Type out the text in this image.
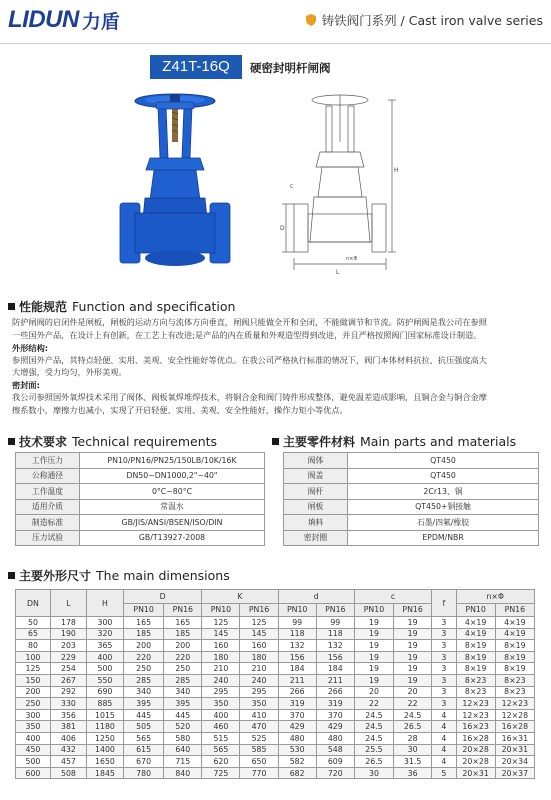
LIDUN 力盾	铸铁阀门系列 / Cast iron valve series
Z41T-16Q	硬密封明杆闸阀
H
D
L
C
n×Φ
性能规范 Function and specification
防护闸阀的启闭件是闸板，闸板的运动方向与流体方向垂直，闸阀只能做全开和全闭，不能做调节和节流。防护闸阀是我公司在参照
一些国外产品，在设计上有创新，在工艺上有改进;是产品的内在质量和外观造型得到改进，并且严格按照阀门国家标准设计制造。
外形结构:
参照国外产品，其特点轻便、实用、美观、安全性能好等优点。在我公司严格执行标准的情况下，阀门本体材料抗拉、抗压强度高大
大增强，受力均匀，外形美观。
密封面:
我公司参照国外氧焊技术采用了阀体、阀板氧焊堆焊技术，将铜合金和阀门铸件形成整体，避免温差造成影响，且铜合金与铜合金摩
擦系数小，摩擦力也减小，实现了开启轻便、实用、美观、安全性能好，操作力矩小等优点。
技术要求 Technical requirements
工作压力	PN10/PN16/PN25/150LB/10K/16K
公称通径	DN50~DN1000,2"~40"
工作温度	0°C~80°C
适用介质	常温水
制造标准	GB/JIS/ANSI/BSEN/ISO/DIN
压力试验	GB/T13927-2008
主要零件材料 Main parts and materials
阀体	QT450
阀盖	QT450
阀杆	2Cr13、铜
闸板	QT450+铜接触
填料	石墨/四氟/橡胶
密封圈	EPDM/NBR
主要外形尺寸 The main dimensions
DN	L	H	D		K		d		c		f	n×Φ	
			PN10	PN16	PN10	PN16	PN10	PN16	PN10	PN16		PN10	PN16
50	178	300	165	165	125	125	99	99	19	19	3	4×19	4×19
65	190	320	185	185	145	145	118	118	19	19	3	4×19	4×19
80	203	365	200	200	160	160	132	132	19	19	3	8×19	8×19
100	229	400	220	220	180	180	156	156	19	19	3	8×19	8×19
125	254	500	250	250	210	210	184	184	19	19	3	8×19	8×19
150	267	550	285	285	240	240	211	211	19	19	3	8×23	8×23
200	292	690	340	340	295	295	266	266	20	20	3	8×23	8×23
250	330	885	395	395	350	350	319	319	22	22	3	12×23	12×23
300	356	1015	445	445	400	410	370	370	24.5	24.5	4	12×23	12×28
350	381	1180	505	520	460	470	429	429	24.5	26.5	4	16×23	16×28
400	406	1250	565	580	515	525	480	480	24.5	28	4	16×28	16×31
450	432	1400	615	640	565	585	530	548	25.5	30	4	20×28	20×31
500	457	1650	670	715	620	650	582	609	26.5	31.5	4	20×28	20×34
600	508	1845	780	840	725	770	682	720	30	36	5	20×31	20×37
